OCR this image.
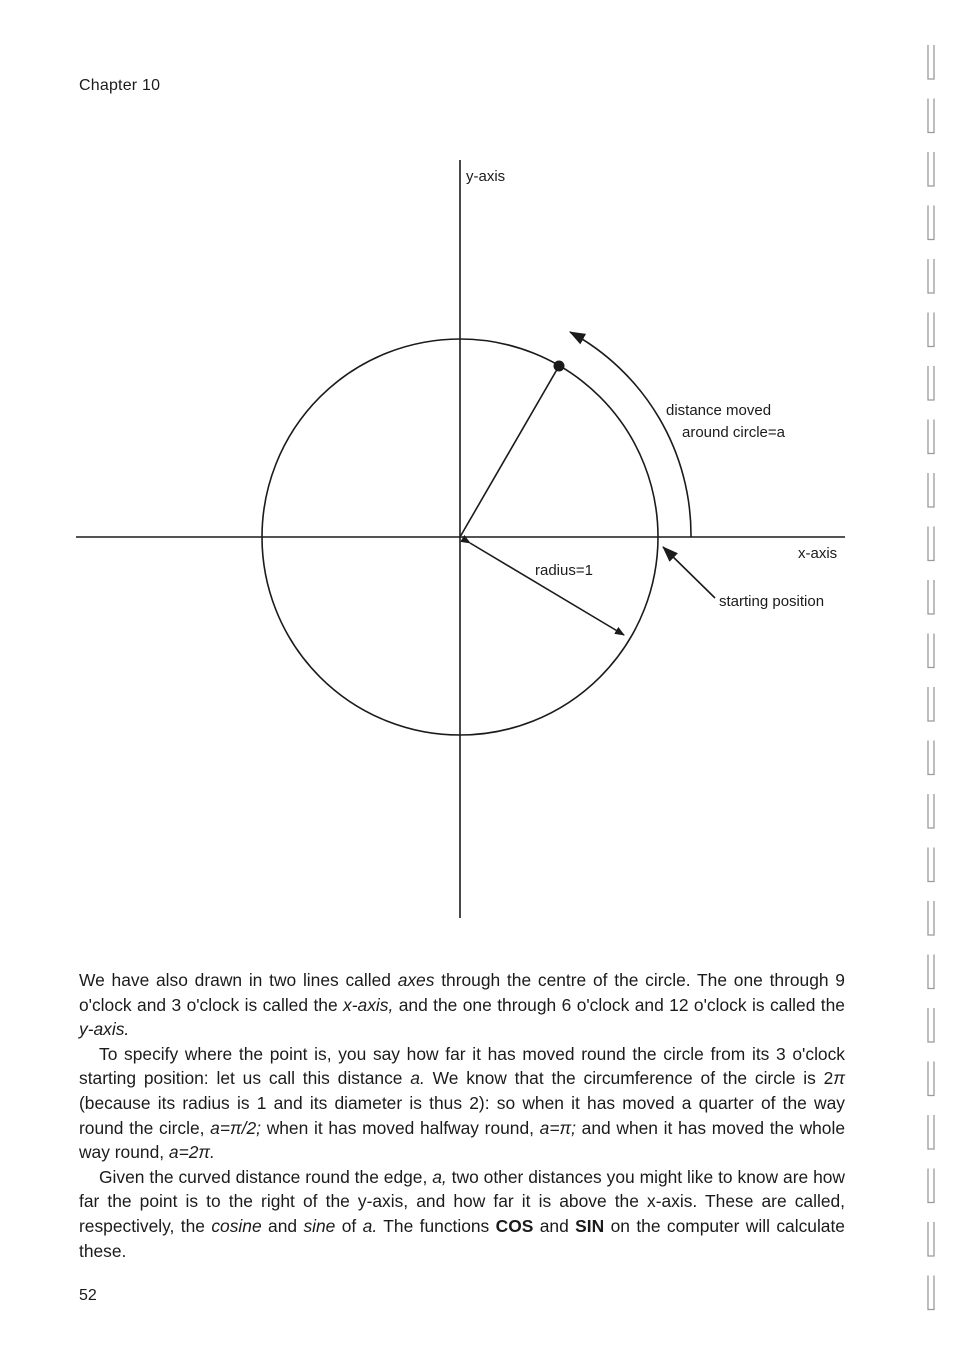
Chapter 10
y-axis
x-axis
radius=1
distance moved
around circle=a
starting position

We have also drawn in two lines called axes through the centre of the circle. The one through 9 o'clock and 3 o'clock is called the x-axis, and the one through 6 o'clock and 12 o'clock is called the y-axis.

To specify where the point is, you say how far it has moved round the circle from its 3 o'clock starting position: let us call this distance a. We know that the circumference of the circle is 2π (because its radius is 1 and its diameter is thus 2): so when it has moved a quarter of the way round the circle, a=π/2; when it has moved halfway round, a=π; and when it has moved the whole way round, a=2π.

Given the curved distance round the edge, a, two other distances you might like to know are how far the point is to the right of the y-axis, and how far it is above the x-axis. These are called, respectively, the cosine and sine of a. The functions COS and SIN on the computer will calculate these.

52
